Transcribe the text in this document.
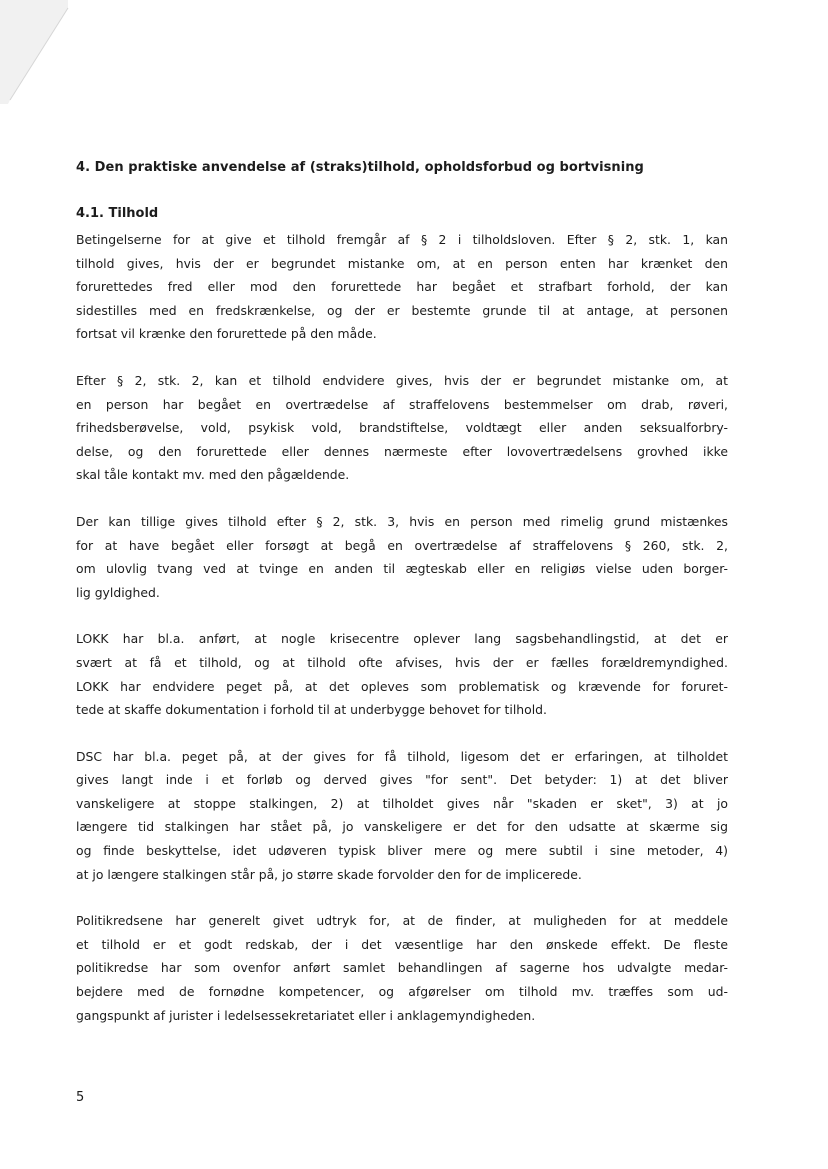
4. Den praktiske anvendelse af (straks)tilhold, opholdsforbud og bortvisning
4.1. Tilhold
Betingelserne for at give et tilhold fremgår af § 2 i tilholdsloven. Efter § 2, stk. 1, kan
tilhold gives, hvis der er begrundet mistanke om, at en person enten har krænket den
forurettedes fred eller mod den forurettede har begået et strafbart forhold, der kan
sidestilles med en fredskrænkelse, og der er bestemte grunde til at antage, at personen
fortsat vil krænke den forurettede på den måde.
Efter § 2, stk. 2, kan et tilhold endvidere gives, hvis der er begrundet mistanke om, at
en person har begået en overtrædelse af straffelovens bestemmelser om drab, røveri,
frihedsberøvelse, vold, psykisk vold, brandstiftelse, voldtægt eller anden seksualforbry-
delse, og den forurettede eller dennes nærmeste efter lovovertrædelsens grovhed ikke
skal tåle kontakt mv. med den pågældende.
Der kan tillige gives tilhold efter § 2, stk. 3, hvis en person med rimelig grund mistænkes
for at have begået eller forsøgt at begå en overtrædelse af straffelovens § 260, stk. 2,
om ulovlig tvang ved at tvinge en anden til ægteskab eller en religiøs vielse uden borger-
lig gyldighed.
LOKK har bl.a. anført, at nogle krisecentre oplever lang sagsbehandlingstid, at det er
svært at få et tilhold, og at tilhold ofte afvises, hvis der er fælles forældremyndighed.
LOKK har endvidere peget på, at det opleves som problematisk og krævende for foruret-
tede at skaffe dokumentation i forhold til at underbygge behovet for tilhold.
DSC har bl.a. peget på, at der gives for få tilhold, ligesom det er erfaringen, at tilholdet
gives langt inde i et forløb og derved gives "for sent". Det betyder: 1) at det bliver
vanskeligere at stoppe stalkingen, 2) at tilholdet gives når "skaden er sket", 3) at jo
længere tid stalkingen har stået på, jo vanskeligere er det for den udsatte at skærme sig
og finde beskyttelse, idet udøveren typisk bliver mere og mere subtil i sine metoder, 4)
at jo længere stalkingen står på, jo større skade forvolder den for de implicerede.
Politikredsene har generelt givet udtryk for, at de finder, at muligheden for at meddele
et tilhold er et godt redskab, der i det væsentlige har den ønskede effekt. De fleste
politikredse har som ovenfor anført samlet behandlingen af sagerne hos udvalgte medar-
bejdere med de fornødne kompetencer, og afgørelser om tilhold mv. træffes som ud-
gangspunkt af jurister i ledelsessekretariatet eller i anklagemyndigheden.
5
